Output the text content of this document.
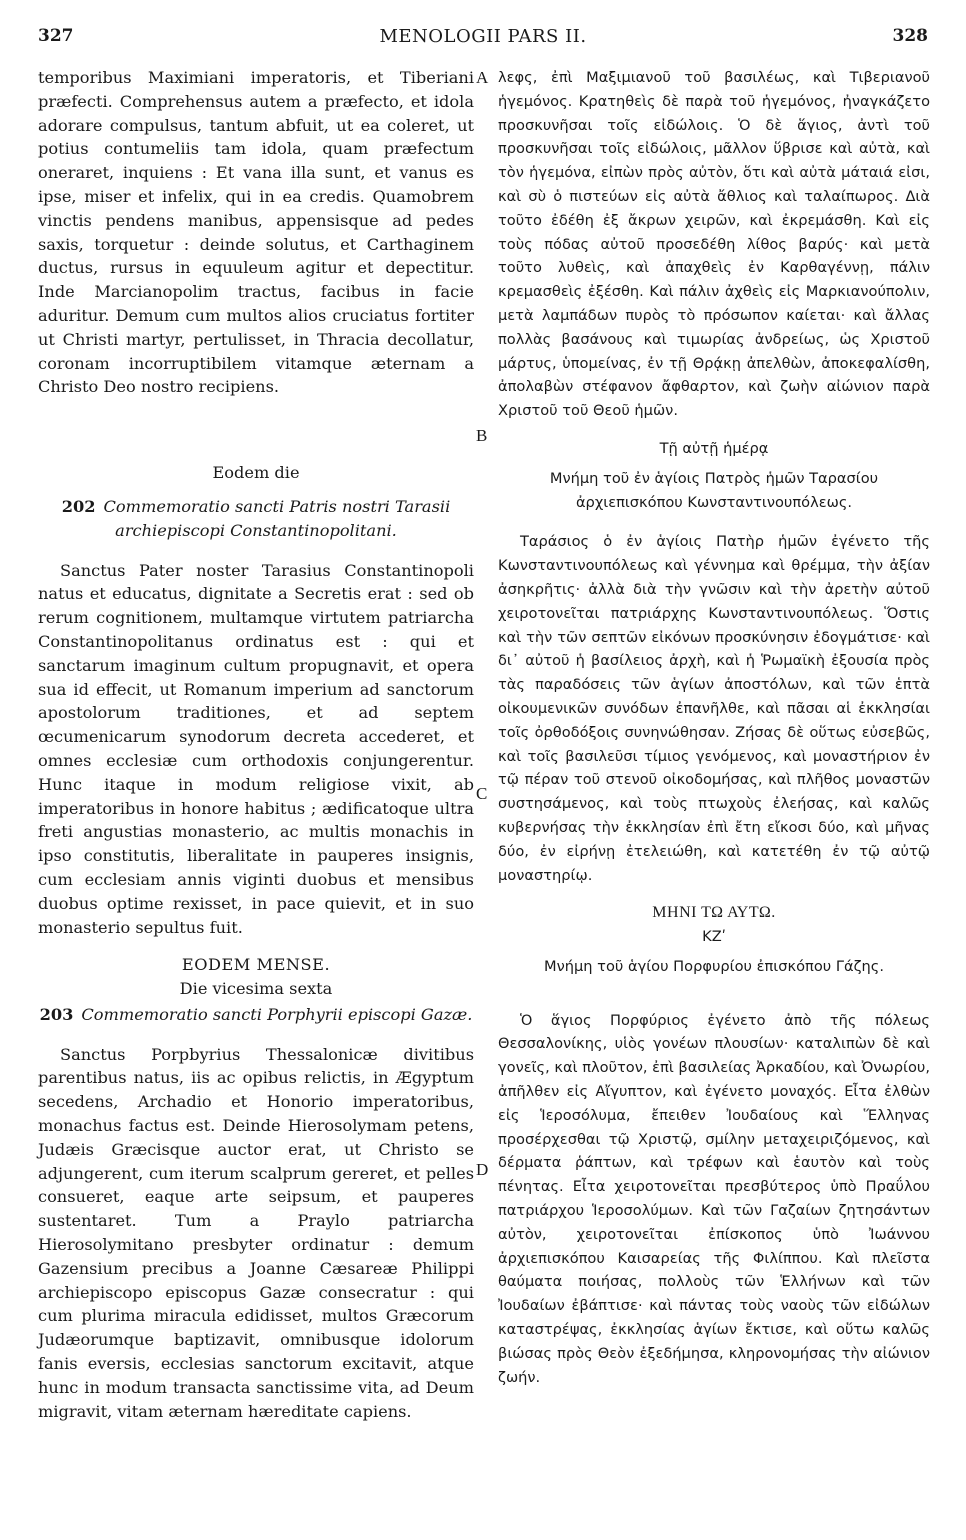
327	MENOLOGII PARS II.	328
A
B
C
D

temporibus Maximiani imperatoris, et Tiberiani præfecti. Comprehensus autem a præfecto, et idola adorare compulsus, tantum abfuit, ut ea coleret, ut potius contumeliis tam idola, quam præfectum oneraret, inquiens : Et vana illa sunt, et vanus es ipse, miser et infelix, qui in ea credis. Quamobrem vinctis pendens manibus, appensisque ad pedes saxis, torquetur : deinde solutus, et Carthaginem ductus, rursus in equuleum agitur et depectitur. Inde Marcianopolim tractus, facibus in facie aduritur. Demum cum multos alios cruciatus fortiter ut Christi martyr, pertulisset, in Thracia decollatur, coronam incorruptibilem vitamque æternam a Christo Deo nostro recipiens.

Eodem die

202 Commemoratio sancti Patris nostri Tarasii archiepiscopi Constantinopolitani.

Sanctus Pater noster Tarasius Constantinopoli natus et educatus, dignitate a Secretis erat : sed ob rerum cognitionem, multamque virtutem patriarcha Constantinopolitanus ordinatus est : qui et sanctarum imaginum cultum propugnavit, et opera sua id effecit, ut Romanum imperium ad sanctorum apostolorum traditiones, et ad septem œcumenicarum synodorum decreta accederet, et omnes ecclesiæ cum orthodoxis conjungerentur. Hunc itaque in modum religiose vixit, ab imperatoribus in honore habitus ; ædificatoque ultra freti angustias monasterio, ac multis monachis in ipso constitutis, liberalitate in pauperes insignis, cum ecclesiam annis viginti duobus et mensibus duobus optime rexisset, in pace quievit, et in suo monasterio sepultus fuit.

EODEM MENSE.

Die vicesima sexta

203 Commemoratio sancti Porphyrii episcopi Gazæ.

Sanctus Porpbyrius Thessalonicæ divitibus parentibus natus, iis ac opibus relictis, in Ægyptum secedens, Archadio et Honorio imperatoribus, monachus factus est. Deinde Hierosolymam petens, Judæis Græcisque auctor erat, ut Christo se adjungerent, cum iterum scalprum gereret, et pelles consueret, eaque arte seipsum, et pauperes sustentaret. Tum a Praylo patriarcha Hierosolymitano presbyter ordinatur : demum Gazensium precibus a Joanne Cæsareæ Philippi archiepiscopo episcopus Gazæ consecratur : qui cum plurima miracula edidisset, multos Græcorum Judæorumque baptizavit, omnibusque idolorum fanis eversis, ecclesias sanctorum excitavit, atque hunc in modum transacta sanctissime vita, ad Deum migravit, vitam æternam hæreditate capiens.

λεφς, ἐπὶ Μαξιμιανοῦ τοῦ βασιλέως, καὶ Τιβεριανοῦ ἡγεμόνος. Κρατηθεὶς δὲ παρὰ τοῦ ἡγεμόνος, ἠναγκάζετο προσκυνῆσαι τοῖς εἰδώλοις. Ὁ δὲ ἅγιος, ἀντὶ τοῦ προσκυνῆσαι τοῖς εἰδώλοις, μᾶλλον ὕβρισε καὶ αὐτὰ, καὶ τὸν ἡγεμόνα, εἰπὼν πρὸς αὐτὸν, ὅτι καὶ αὐτὰ μάταιά εἰσι, καὶ σὺ ὁ πιστεύων εἰς αὐτὰ ἄθλιος καὶ ταλαίπωρος. Διὰ τοῦτο ἐδέθη ἐξ ἄκρων χειρῶν, καὶ ἐκρεμάσθη. Καὶ εἰς τοὺς πόδας αὐτοῦ προσεδέθη λίθος βαρύς· καὶ μετὰ τοῦτο λυθεὶς, καὶ ἀπαχθεὶς ἐν Καρθαγέννῃ, πάλιν κρεμασθεὶς ἐξέσθη. Καὶ πάλιν ἀχθεὶς εἰς Μαρκιανούπολιν, μετὰ λαμπάδων πυρὸς τὸ πρόσωπον καίεται· καὶ ἄλλας πολλὰς βασάνους καὶ τιμωρίας ἀνδρείως, ὡς Χριστοῦ μάρτυς, ὑπομείνας, ἐν τῇ Θρᾴκῃ ἀπελθὼν, ἀποκεφαλίσθη, ἀπολαβὼν στέφανον ἄφθαρτον, καὶ ζωὴν αἰώνιον παρὰ Χριστοῦ τοῦ Θεοῦ ἡμῶν.

Τῇ αὐτῇ ἡμέρᾳ

Μνήμη τοῦ ἐν ἁγίοις Πατρὸς ἡμῶν Ταρασίου ἀρχιεπισκόπου Κωνσταντινουπόλεως.

Ταράσιος ὁ ἐν ἁγίοις Πατὴρ ἡμῶν ἐγένετο τῆς Κωνσταντινουπόλεως καὶ γέννημα καὶ θρέμμα, τὴν ἀξίαν ἀσηκρῆτις· ἀλλὰ διὰ τὴν γνῶσιν καὶ τὴν ἀρετὴν αὐτοῦ χειροτονεῖται πατριάρχης Κωνσταντινουπόλεως. Ὅστις καὶ τὴν τῶν σεπτῶν εἰκόνων προσκύνησιν ἐδογμάτισε· καὶ δι᾽ αὐτοῦ ἡ βασίλειος ἀρχὴ, καὶ ἡ Ῥωμαϊκὴ ἐξουσία πρὸς τὰς παραδόσεις τῶν ἁγίων ἀποστόλων, καὶ τῶν ἑπτὰ οἰκουμενικῶν συνόδων ἐπανῆλθε, καὶ πᾶσαι αἱ ἐκκλησίαι τοῖς ὀρθοδόξοις συνηνώθησαν. Ζήσας δὲ οὕτως εὐσεβῶς, καὶ τοῖς βασιλεῦσι τίμιος γενόμενος, καὶ μοναστήριον ἐν τῷ πέραν τοῦ στενοῦ οἰκοδομήσας, καὶ πλῆθος μοναστῶν συστησάμενος, καὶ τοὺς πτωχοὺς ἐλεήσας, καὶ καλῶς κυβερνήσας τὴν ἐκκλησίαν ἐπὶ ἔτη εἴκοσι δύο, καὶ μῆνας δύο, ἐν εἰρήνῃ ἐτελειώθη, καὶ κατετέθη ἐν τῷ αὐτῷ μοναστηρίῳ.

ΜΗΝΙ ΤΩ ΑΥΤΩ.

ΚΖʹ

Μνήμη τοῦ ἁγίου Πορφυρίου ἐπισκόπου Γάζης.

Ὁ ἅγιος Πορφύριος ἐγένετο ἀπὸ τῆς πόλεως Θεσσαλονίκης, υἱὸς γονέων πλουσίων· καταλιπὼν δὲ καὶ γονεῖς, καὶ πλοῦτον, ἐπὶ βασιλείας Ἀρκαδίου, καὶ Ὀνωρίου, ἀπῆλθεν εἰς Αἴγυπτον, καὶ ἐγένετο μοναχός. Εἶτα ἐλθὼν εἰς Ἱεροσόλυμα, ἔπειθεν Ἰουδαίους καὶ Ἕλληνας προσέρχεσθαι τῷ Χριστῷ, σμίλην μεταχειριζόμενος, καὶ δέρματα ῥάπτων, καὶ τρέφων καὶ ἑαυτὸν καὶ τοὺς πένητας. Εἶτα χειροτονεῖται πρεσβύτερος ὑπὸ Πραΰλου πατριάρχου Ἱεροσολύμων. Καὶ τῶν Γαζαίων ζητησάντων αὐτὸν, χειροτονεῖται ἐπίσκοπος ὑπὸ Ἰωάννου ἀρχιεπισκόπου Καισαρείας τῆς Φιλίππου. Καὶ πλεῖστα θαύματα ποιήσας, πολλοὺς τῶν Ἑλλήνων καὶ τῶν Ἰουδαίων ἐβάπτισε· καὶ πάντας τοὺς ναοὺς τῶν εἰδώλων καταστρέψας, ἐκκλησίας ἁγίων ἔκτισε, καὶ οὕτω καλῶς βιώσας πρὸς Θεὸν ἐξεδήμησα, κληρονομήσας τὴν αἰώνιον ζωήν.
